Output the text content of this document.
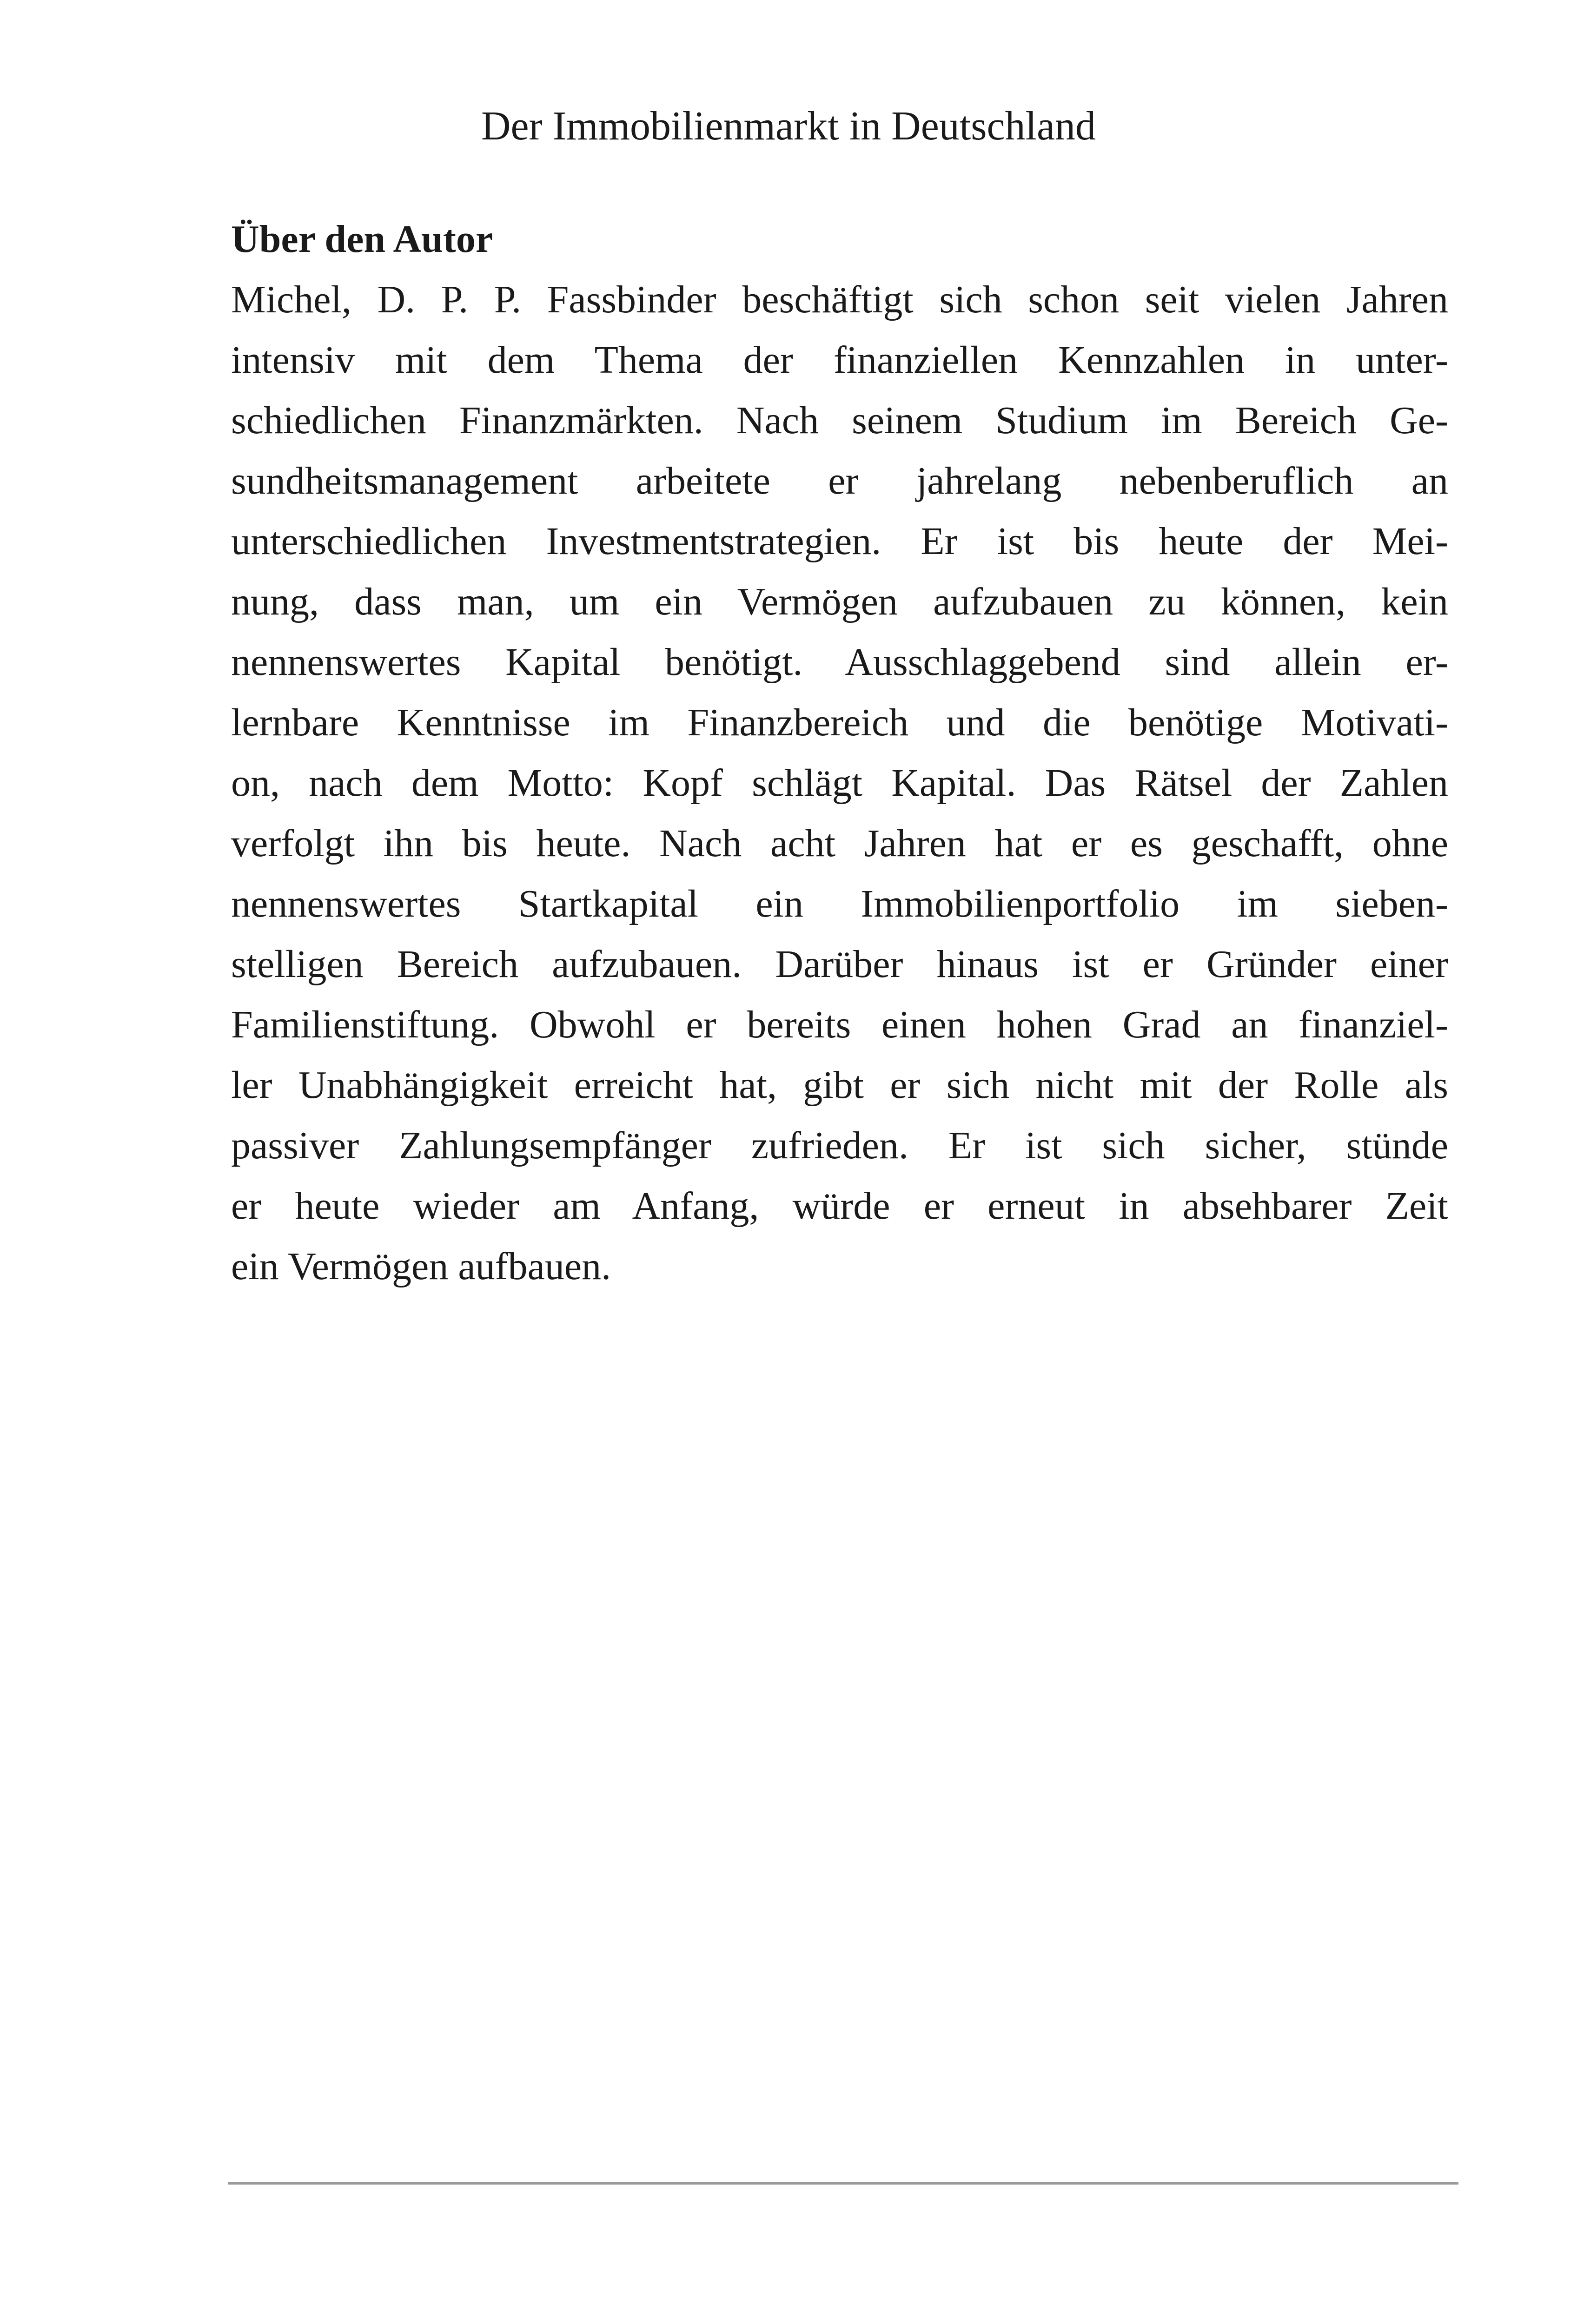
Der Immobilienmarkt in Deutschland
Über den Autor
Michel, D. P. P. Fassbinder beschäftigt sich schon seit vielen Jahren
intensiv mit dem Thema der finanziellen Kennzahlen in unter-
schiedlichen Finanzmärkten. Nach seinem Studium im Bereich Ge-
sundheitsmanagement arbeitete er jahrelang nebenberuflich an
unterschiedlichen Investmentstrategien. Er ist bis heute der Mei-
nung, dass man, um ein Vermögen aufzubauen zu können, kein
nennenswertes Kapital benötigt. Ausschlaggebend sind allein er-
lernbare Kenntnisse im Finanzbereich und die benötige Motivati-
on, nach dem Motto: Kopf schlägt Kapital. Das Rätsel der Zahlen
verfolgt ihn bis heute. Nach acht Jahren hat er es geschafft, ohne
nennenswertes Startkapital ein Immobilienportfolio im sieben-
stelligen Bereich aufzubauen. Darüber hinaus ist er Gründer einer
Familienstiftung. Obwohl er bereits einen hohen Grad an finanziel-
ler Unabhängigkeit erreicht hat, gibt er sich nicht mit der Rolle als
passiver Zahlungsempfänger zufrieden. Er ist sich sicher, stünde
er heute wieder am Anfang, würde er erneut in absehbarer Zeit
ein Vermögen aufbauen.
